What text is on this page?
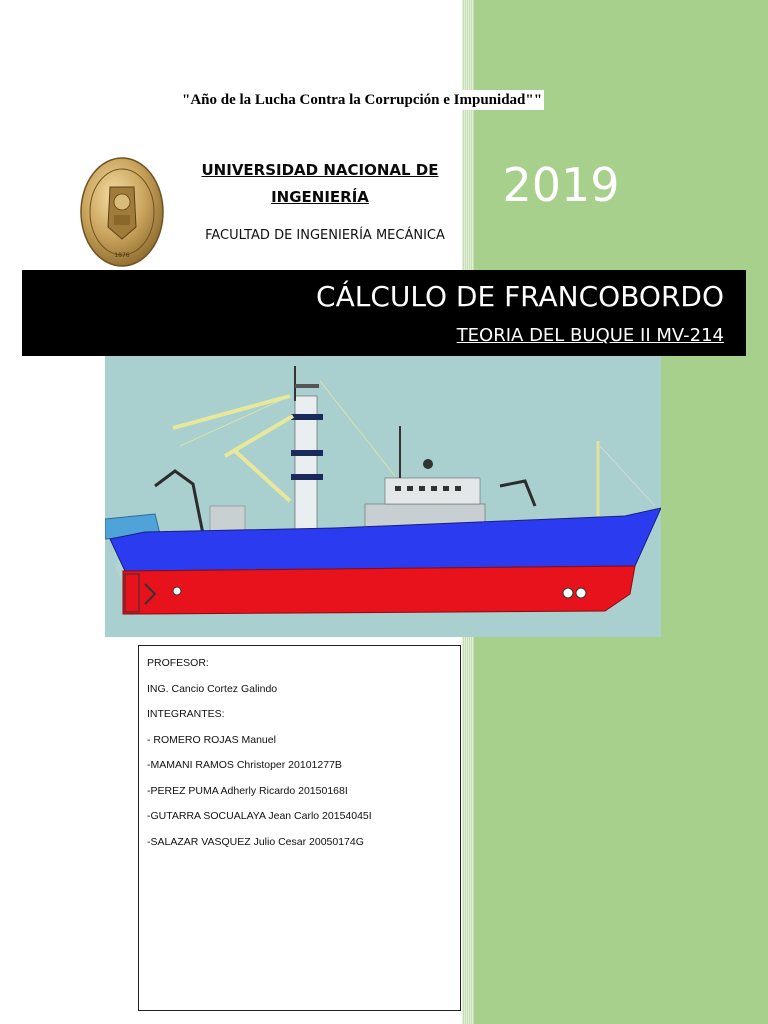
"Año de la Lucha Contra la Corrupción e Impunidad""
1876
UNIVERSIDAD NACIONAL DE
INGENIERÍA
FACULTAD DE INGENIERÍA MECÁNICA
2019
CÁLCULO DE FRANCOBORDO
TEORIA DEL BUQUE II MV-214
PROFESOR:
ING. Cancio Cortez Galindo
INTEGRANTES:
- ROMERO ROJAS Manuel
-MAMANI RAMOS Christoper 20101277B
-PEREZ PUMA Adherly Ricardo 20150168I
-GUTARRA SOCUALAYA Jean Carlo 20154045I
-SALAZAR VASQUEZ Julio Cesar 20050174G
